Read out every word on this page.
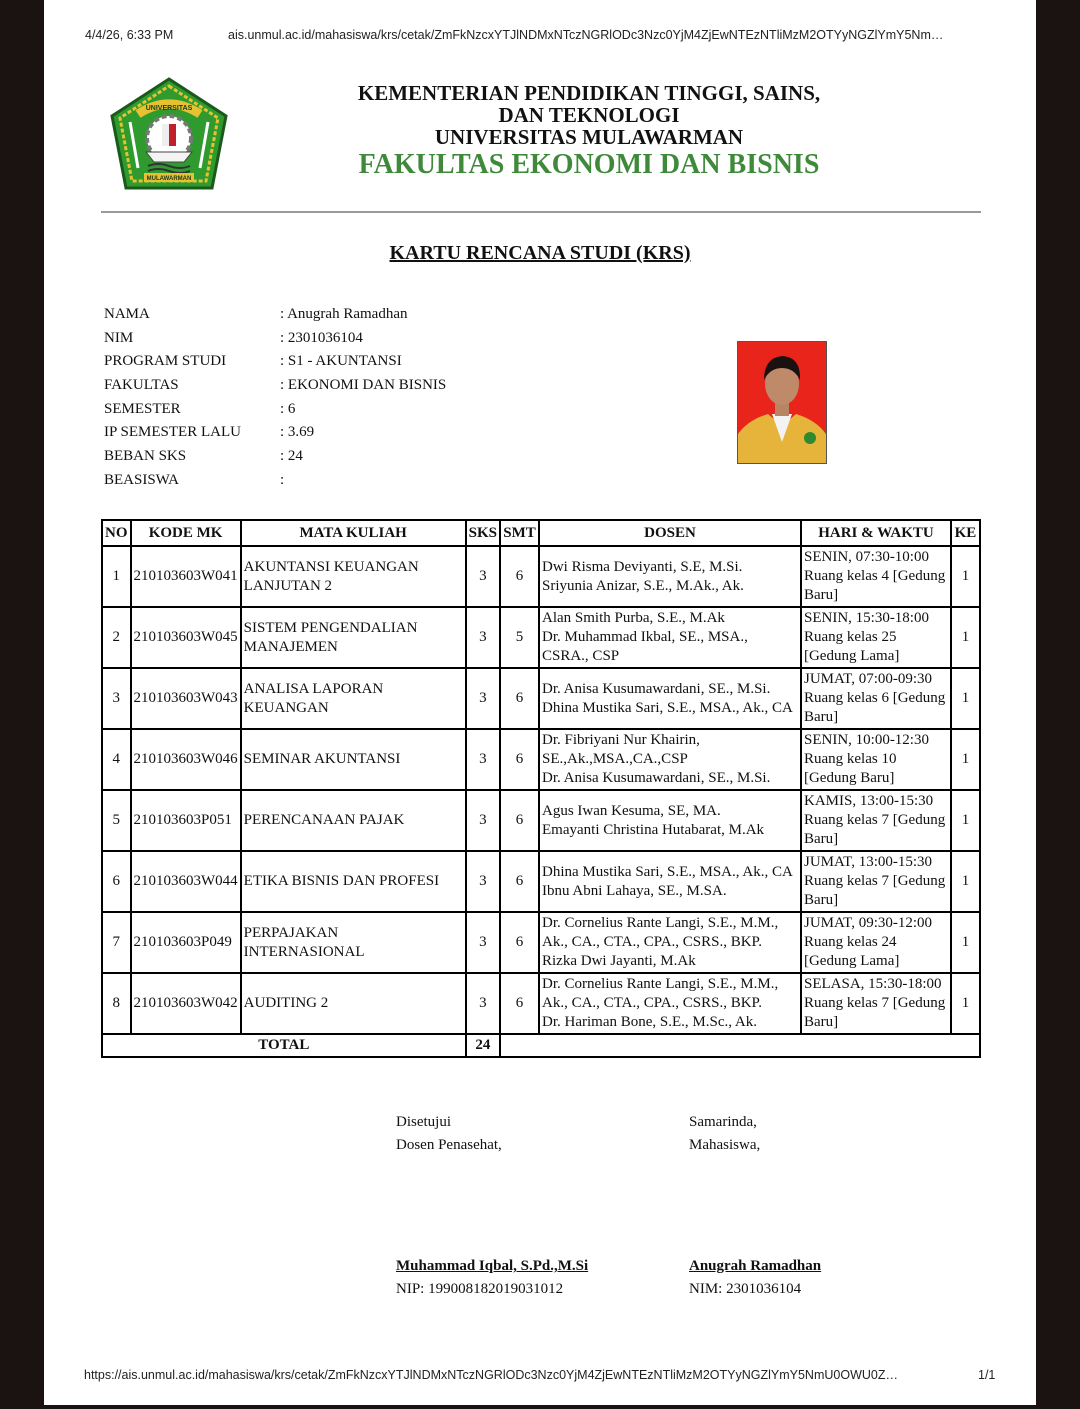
4/4/26, 6:33 PM	ais.unmul.ac.id/mahasiswa/krs/cetak/ZmFkNzcxYTJlNDMxNTczNGRlODc3Nzc0YjM4ZjEwNTEzNTliMzM2OTYyNGZlYmY5Nm…
UNIVERSITAS
MULAWARMAN
KEMENTERIAN PENDIDIKAN TINGGI, SAINS,
DAN TEKNOLOGI
UNIVERSITAS MULAWARMAN
FAKULTAS EKONOMI DAN BISNIS
KARTU RENCANA STUDI (KRS)
NAMA	: Anugrah Ramadhan
NIM	: 2301036104
PROGRAM STUDI	: S1 - AKUNTANSI
FAKULTAS	: EKONOMI DAN BISNIS
SEMESTER	: 6
IP SEMESTER LALU	: 3.69
BEBAN SKS	: 24
BEASISWA	:
NO	KODE MK	MATA KULIAH	SKS	SMT	DOSEN	HARI & WAKTU	KE
1	210103603W041	AKUNTANSI KEUANGAN LANJUTAN 2	3	6	Dwi Risma Deviyanti, S.E, M.Si.
Sriyunia Anizar, S.E., M.Ak., Ak.	SENIN, 07:30-10:00 Ruang kelas 4 [Gedung Baru]	1
2	210103603W045	SISTEM PENGENDALIAN MANAJEMEN	3	5	Alan Smith Purba, S.E., M.Ak
Dr. Muhammad Ikbal, SE., MSA., CSRA., CSP	SENIN, 15:30-18:00 Ruang kelas 25 [Gedung Lama]	1
3	210103603W043	ANALISA LAPORAN KEUANGAN	3	6	Dr. Anisa Kusumawardani, SE., M.Si.
Dhina Mustika Sari, S.E., MSA., Ak., CA	JUMAT, 07:00-09:30 Ruang kelas 6 [Gedung Baru]	1
4	210103603W046	SEMINAR AKUNTANSI	3	6	Dr. Fibriyani Nur Khairin, SE.,Ak.,MSA.,CA.,CSP
Dr. Anisa Kusumawardani, SE., M.Si.	SENIN, 10:00-12:30 Ruang kelas 10 [Gedung Baru]	1
5	210103603P051	PERENCANAAN PAJAK	3	6	Agus Iwan Kesuma, SE, MA.
Emayanti Christina Hutabarat, M.Ak	KAMIS, 13:00-15:30 Ruang kelas 7 [Gedung Baru]	1
6	210103603W044	ETIKA BISNIS DAN PROFESI	3	6	Dhina Mustika Sari, S.E., MSA., Ak., CA
Ibnu Abni Lahaya, SE., M.SA.	JUMAT, 13:00-15:30 Ruang kelas 7 [Gedung Baru]	1
7	210103603P049	PERPAJAKAN INTERNASIONAL	3	6	Dr. Cornelius Rante Langi, S.E., M.M., Ak., CA., CTA., CPA., CSRS., BKP.
Rizka Dwi Jayanti, M.Ak	JUMAT, 09:30-12:00 Ruang kelas 24 [Gedung Lama]	1
8	210103603W042	AUDITING 2	3	6	Dr. Cornelius Rante Langi, S.E., M.M., Ak., CA., CTA., CPA., CSRS., BKP.
Dr. Hariman Bone, S.E., M.Sc., Ak.	SELASA, 15:30-18:00 Ruang kelas 7 [Gedung Baru]	1
TOTAL			24				
Disetujui
Dosen Penasehat,
Muhammad Iqbal, S.Pd.,M.Si
NIP: 199008182019031012
Samarinda,
Mahasiswa,
Anugrah Ramadhan
NIM: 2301036104
https://ais.unmul.ac.id/mahasiswa/krs/cetak/ZmFkNzcxYTJlNDMxNTczNGRlODc3Nzc0YjM4ZjEwNTEzNTliMzM2OTYyNGZlYmY5NmU0OWU0Z…	1/1
